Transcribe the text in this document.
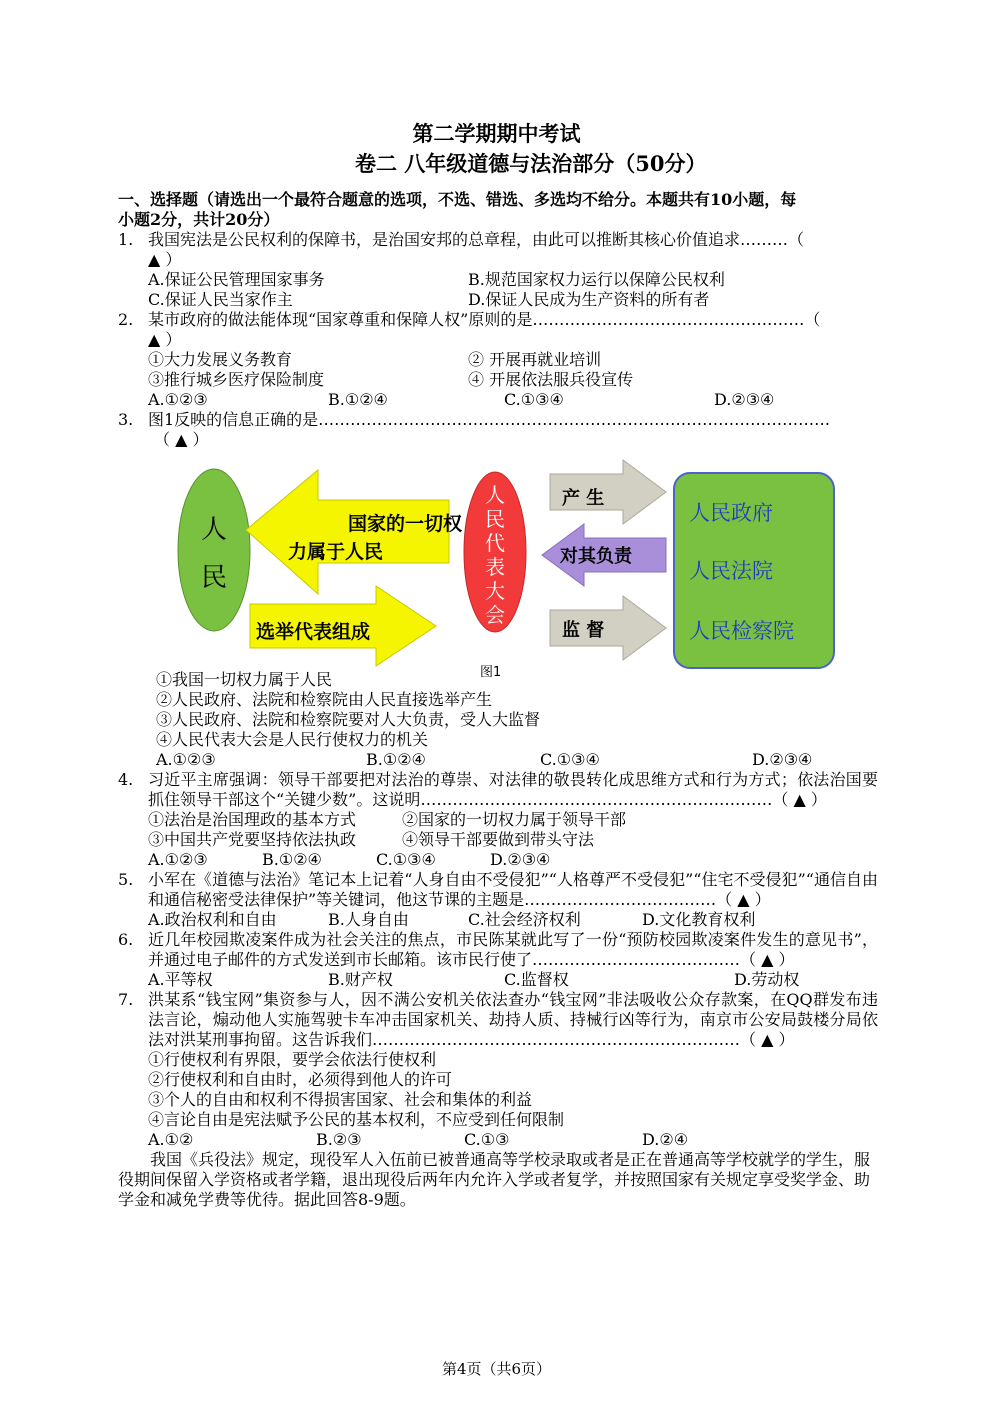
第二学期期中考试
卷二 八年级道德与法治部分（50分）
一、选择题（请选出一个最符合题意的选项，不选、错选、多选均不给分。本题共有10小题，每
小题2分，共计20分）
1. 我国宪法是公民权利的保障书，是治国安邦的总章程，由此可以推断其核心价值追求………（
▲ ）
A.保证公民管理国家事务	B.规范国家权力运行以保障公民权利
C.保证人民当家作主	D.保证人民成为生产资料的所有者
2. 某市政府的做法能体现“国家尊重和保障人权”原则的是……………………………………………（
▲ ）
①大力发展义务教育	② 开展再就业培训
③推行城乡医疗保险制度	④ 开展依法服兵役宣传
A.①②③	B.①②④	C.①③④	D.②③④
3. 图1反映的信息正确的是……………………………………………………………………………………
（ ▲ ）
人
民
国家的一切权
力属于人民
选举代表组成
人
民
代
表
大
会
产 生
对其负责
监 督
人民政府
人民法院
人民检察院
图1
①我国一切权力属于人民
②人民政府、法院和检察院由人民直接选举产生
③人民政府、法院和检察院要对人大负责，受人大监督
④人民代表大会是人民行使权力的机关
A.①②③	B.①②④	C.①③④	D.②③④
4. 习近平主席强调：领导干部要把对法治的尊崇、对法律的敬畏转化成思维方式和行为方式；依法治国要抓住领导干部这个“关键少数”。这说明…………………………………………………………（ ▲ ）
①法治是治国理政的基本方式	②国家的一切权力属于领导干部
③中国共产党要坚持依法执政	④领导干部要做到带头守法
A.①②③	B.①②④	C.①③④	D.②③④
5. 小军在《道德与法治》笔记本上记着“人身自由不受侵犯”“人格尊严不受侵犯”“住宅不受侵犯”“通信自由和通信秘密受法律保护”等关键词，他这节课的主题是………………………………（ ▲ ）
A.政治权利和自由	B.人身自由	C.社会经济权利	D.文化教育权利
6. 近几年校园欺凌案件成为社会关注的焦点，市民陈某就此写了一份“预防校园欺凌案件发生的意见书”，并通过电子邮件的方式发送到市长邮箱。该市民行使了…………………………………（ ▲ ）
A.平等权	B.财产权	C.监督权	D.劳动权
7. 洪某系“钱宝网”集资参与人，因不满公安机关依法查办“钱宝网”非法吸收公众存款案，在QQ群发布违法言论，煽动他人实施驾驶卡车冲击国家机关、劫持人质、持械行凶等行为，南京市公安局鼓楼分局依法对洪某刑事拘留。这告诉我们……………………………………………………………（ ▲ ）
①行使权利有界限，要学会依法行使权利
②行使权利和自由时，必须得到他人的许可
③个人的自由和权利不得损害国家、社会和集体的利益
④言论自由是宪法赋予公民的基本权利，不应受到任何限制
A.①②	B.②③	C.①③	D.②④
我国《兵役法》规定，现役军人入伍前已被普通高等学校录取或者是正在普通高等学校就学的学生，服役期间保留入学资格或者学籍，退出现役后两年内允许入学或者复学，并按照国家有关规定享受奖学金、助学金和减免学费等优待。据此回答8-9题。
第4页（共6页）
